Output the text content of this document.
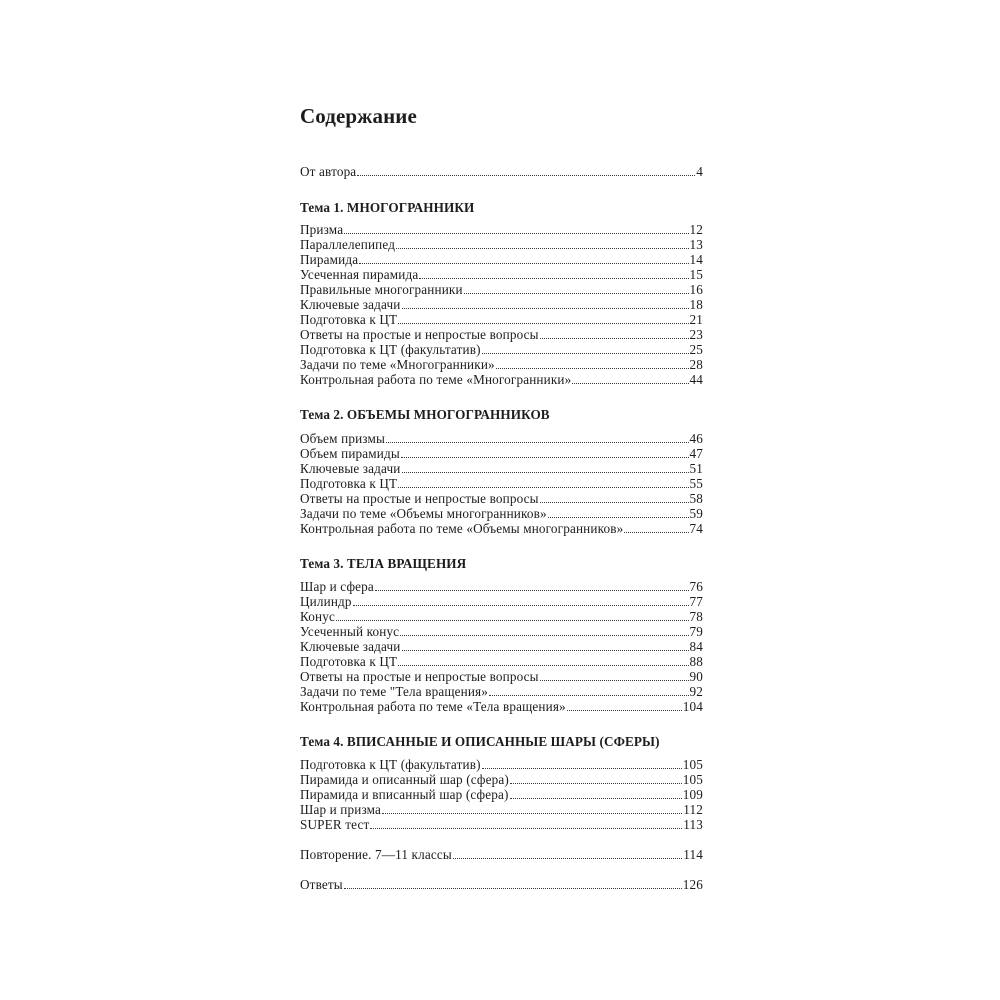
Содержание
От автора	4
Тема 1. МНОГОГРАННИКИ
Призма	12
Параллелепипед	13
Пирамида	14
Усеченная пирамида	15
Правильные многогранники	16
Ключевые задачи	18
Подготовка к ЦТ	21
Ответы на простые и непростые вопросы	23
Подготовка к ЦТ (факультатив)	25
Задачи по теме «Многогранники»	28
Контрольная работа по теме «Многогранники»	44
Тема 2. ОБЪЕМЫ МНОГОГРАННИКОВ
Объем призмы	46
Объем пирамиды	47
Ключевые задачи	51
Подготовка к ЦТ	55
Ответы на простые и непростые вопросы	58
Задачи по теме «Объемы многогранников»	59
Контрольная работа по теме «Объемы многогранников»	74
Тема 3. ТЕЛА ВРАЩЕНИЯ
Шар и сфера	76
Цилиндр	77
Конус	78
Усеченный конус	79
Ключевые задачи	84
Подготовка к ЦТ	88
Ответы на простые и непростые вопросы	90
Задачи по теме "Тела вращения»	92
Контрольная работа по теме «Тела вращения»	104
Тема 4. ВПИСАННЫЕ И ОПИСАННЫЕ ШАРЫ (СФЕРЫ)
Подготовка к ЦТ (факультатив)	105
Пирамида и описанный шар (сфера)	105
Пирамида и вписанный шар (сфера)	109
Шар и призма	112
SUPER тест	113
Повторение. 7—11 классы	114
Ответы	126
